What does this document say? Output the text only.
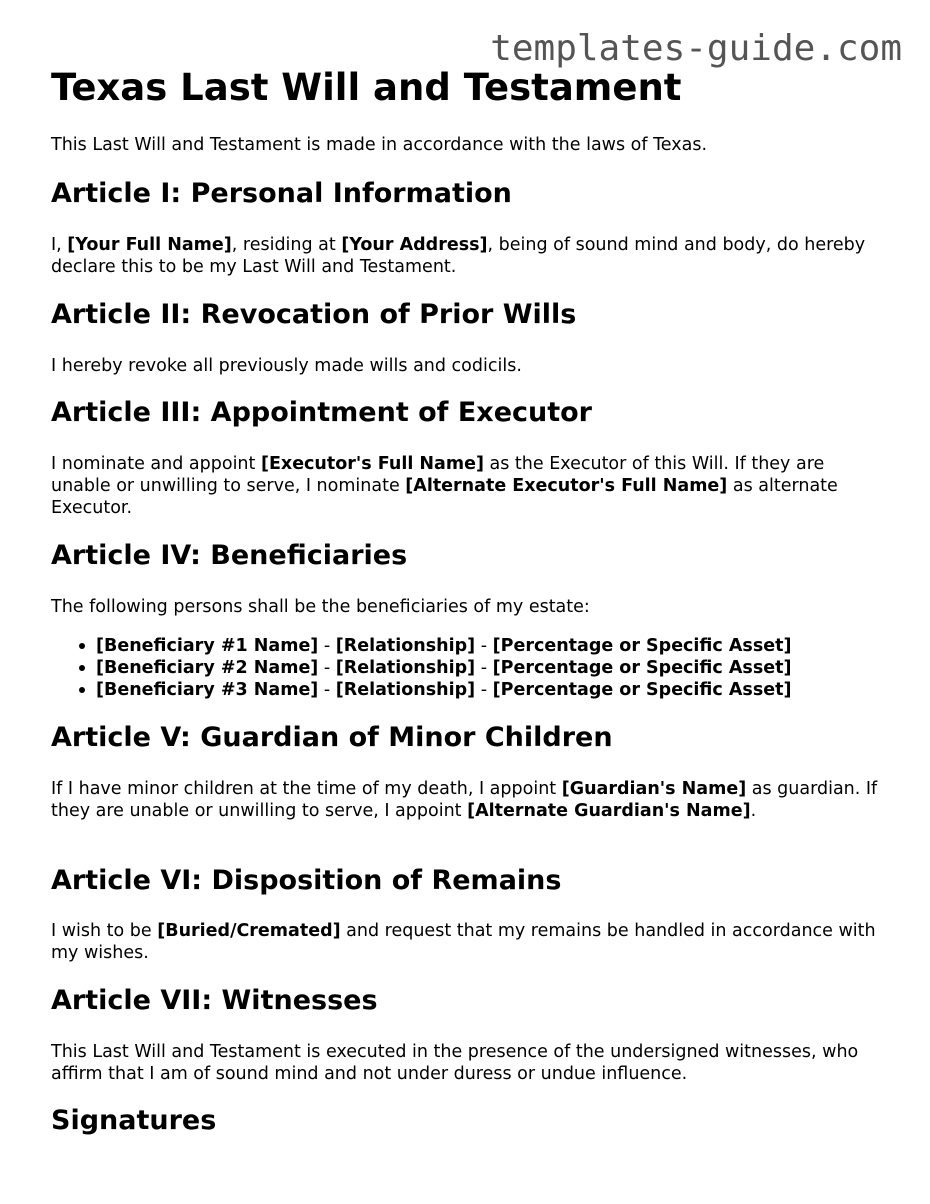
templates-guide.com
Texas Last Will and Testament

This Last Will and Testament is made in accordance with the laws of Texas.

Article I: Personal Information

I, [Your Full Name], residing at [Your Address], being of sound mind and body, do hereby declare this to be my Last Will and Testament.

Article II: Revocation of Prior Wills

I hereby revoke all previously made wills and codicils.

Article III: Appointment of Executor

I nominate and appoint [Executor's Full Name] as the Executor of this Will. If they are unable or unwilling to serve, I nominate [Alternate Executor's Full Name] as alternate Executor.

Article IV: Beneficiaries

The following persons shall be the beneficiaries of my estate:

[Beneficiary #1 Name] - [Relationship] - [Percentage or Specific Asset]
[Beneficiary #2 Name] - [Relationship] - [Percentage or Specific Asset]
[Beneficiary #3 Name] - [Relationship] - [Percentage or Specific Asset]
Article V: Guardian of Minor Children

If I have minor children at the time of my death, I appoint [Guardian's Name] as guardian. If they are unable or unwilling to serve, I appoint [Alternate Guardian's Name].

Article VI: Disposition of Remains

I wish to be [Buried/Cremated] and request that my remains be handled in accordance with my wishes.

Article VII: Witnesses

This Last Will and Testament is executed in the presence of the undersigned witnesses, who affirm that I am of sound mind and not under duress or undue influence.

Signatures
